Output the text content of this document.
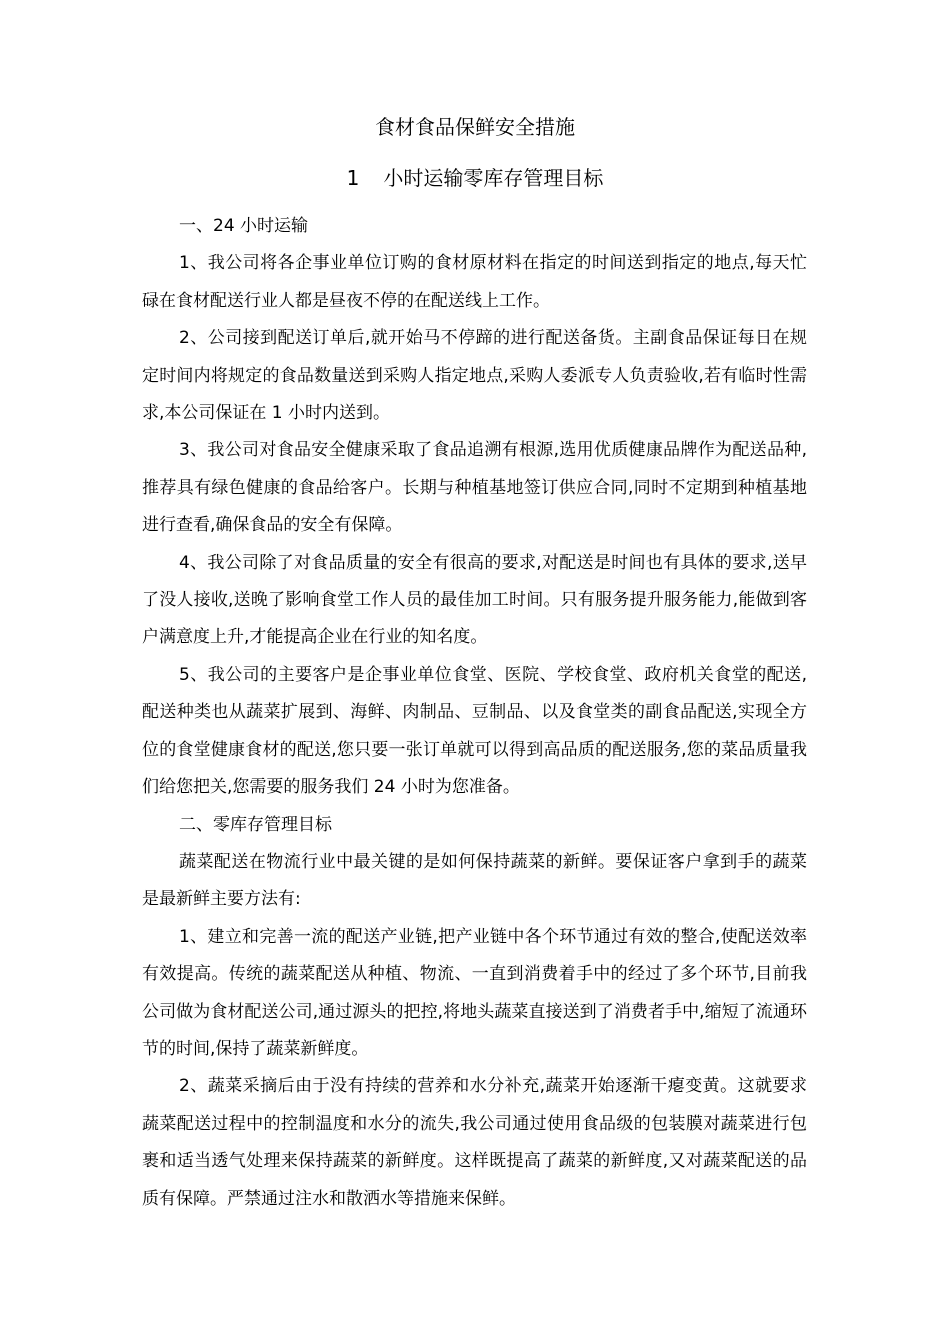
食材食品保鲜安全措施
1 小时运输零库存管理目标

一、24 小时运输

1、我公司将各企事业单位订购的食材原材料在指定的时间送到指定的地点,每天忙碌在食材配送行业人都是昼夜不停的在配送线上工作。

2、公司接到配送订单后,就开始马不停蹄的进行配送备货。主副食品保证每日在规定时间内将规定的食品数量送到采购人指定地点,采购人委派专人负责验收,若有临时性需求,本公司保证在 1 小时内送到。

3、我公司对食品安全健康采取了食品追溯有根源,选用优质健康品牌作为配送品种,推荐具有绿色健康的食品给客户。长期与种植基地签订供应合同,同时不定期到种植基地进行查看,确保食品的安全有保障。

4、我公司除了对食品质量的安全有很高的要求,对配送是时间也有具体的要求,送早了没人接收,送晚了影响食堂工作人员的最佳加工时间。只有服务提升服务能力,能做到客户满意度上升,才能提高企业在行业的知名度。

5、我公司的主要客户是企事业单位食堂、医院、学校食堂、政府机关食堂的配送,配送种类也从蔬菜扩展到、海鲜、肉制品、豆制品、以及食堂类的副食品配送,实现全方位的食堂健康食材的配送,您只要一张订单就可以得到高品质的配送服务,您的菜品质量我们给您把关,您需要的服务我们 24 小时为您准备。

二、零库存管理目标

蔬菜配送在物流行业中最关键的是如何保持蔬菜的新鲜。要保证客户拿到手的蔬菜是最新鲜主要方法有:

1、建立和完善一流的配送产业链,把产业链中各个环节通过有效的整合,使配送效率有效提高。传统的蔬菜配送从种植、物流、一直到消费着手中的经过了多个环节,目前我公司做为食材配送公司,通过源头的把控,将地头蔬菜直接送到了消费者手中,缩短了流通环节的时间,保持了蔬菜新鲜度。

2、蔬菜采摘后由于没有持续的营养和水分补充,蔬菜开始逐渐干瘪变黄。这就要求蔬菜配送过程中的控制温度和水分的流失,我公司通过使用食品级的包装膜对蔬菜进行包裹和适当透气处理来保持蔬菜的新鲜度。这样既提高了蔬菜的新鲜度,又对蔬菜配送的品质有保障。严禁通过注水和散洒水等措施来保鲜。
